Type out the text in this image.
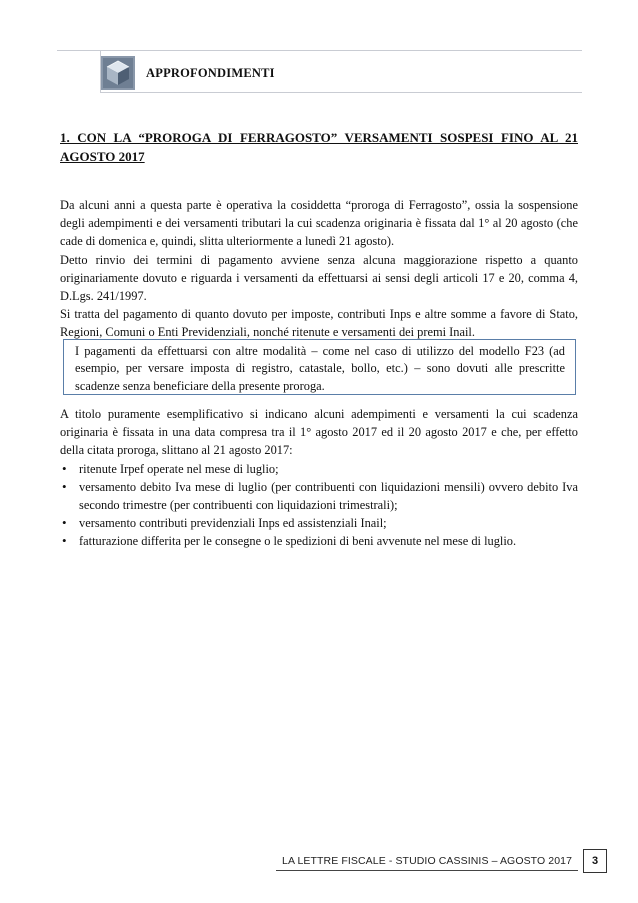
APPROFONDIMENTI
1. CON LA “PROROGA DI FERRAGOSTO” VERSAMENTI SOSPESI FINO AL 21 AGOSTO 2017

Da alcuni anni a questa parte è operativa la cosiddetta “proroga di Ferragosto”, ossia la sospensione degli adempimenti e dei versamenti tributari la cui scadenza originaria è fissata dal 1° al 20 agosto (che cade di domenica e, quindi, slitta ulteriormente a lunedì 21 agosto).

Detto rinvio dei termini di pagamento avviene senza alcuna maggiorazione rispetto a quanto originariamente dovuto e riguarda i versamenti da effettuarsi ai sensi degli articoli 17 e 20, comma 4, D.Lgs. 241/1997.

Si tratta del pagamento di quanto dovuto per imposte, contributi Inps e altre somme a favore di Stato, Regioni, Comuni o Enti Previdenziali, nonché ritenute e versamenti dei premi Inail.

I pagamenti da effettuarsi con altre modalità – come nel caso di utilizzo del modello F23 (ad esempio, per versare imposta di registro, catastale, bollo, etc.) – sono dovuti alle prescritte scadenze senza beneficiare della presente proroga.

A titolo puramente esemplificativo si indicano alcuni adempimenti e versamenti la cui scadenza originaria è fissata in una data compresa tra il 1° agosto 2017 ed il 20 agosto 2017 e che, per effetto della citata proroga, slittano al 21 agosto 2017:

• ritenute Irpef operate nel mese di luglio;
• versamento debito Iva mese di luglio (per contribuenti con liquidazioni mensili) ovvero debito Iva secondo trimestre (per contribuenti con liquidazioni trimestrali);
• versamento contributi previdenziali Inps ed assistenziali Inail;
• fatturazione differita per le consegne o le spedizioni di beni avvenute nel mese di luglio.
LA LETTRE FISCALE - STUDIO CASSINIS – AGOSTO 2017	3
